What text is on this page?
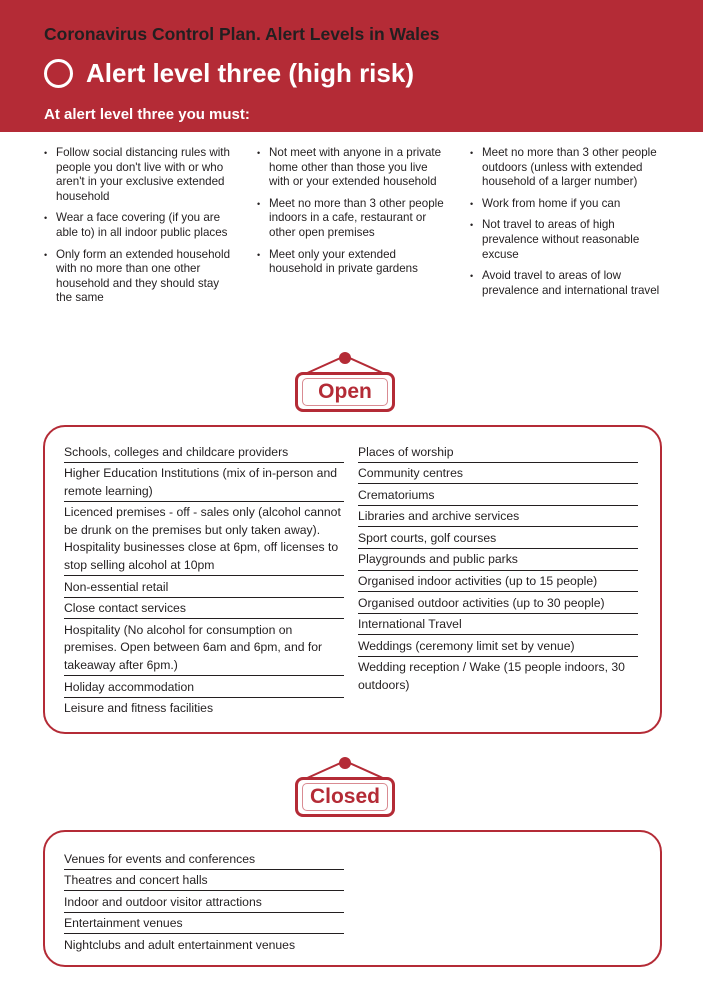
Coronavirus Control Plan. Alert Levels in Wales
Alert level three (high risk)
At alert level three you must:
• Follow social distancing rules with people you don't live with or who aren't in your exclusive extended household
• Wear a face covering (if you are able to) in all indoor public places
• Only form an extended household with no more than one other household and they should stay the same
• Not meet with anyone in a private home other than those you live with or your extended household
• Meet no more than 3 other people indoors in a cafe, restaurant or other open premises
• Meet only your extended household in private gardens
• Meet no more than 3 other people outdoors (unless with extended household of a larger number)
• Work from home if you can
• Not travel to areas of high prevalence without reasonable excuse
• Avoid travel to areas of low prevalence and international travel
Open
Schools, colleges and childcare providers
Higher Education Institutions (mix of in-person and remote learning)
Licenced premises - off - sales only (alcohol cannot be drunk on the premises but only taken away). Hospitality businesses close at 6pm, off licenses to stop selling alcohol at 10pm
Non-essential retail
Close contact services
Hospitality (No alcohol for consumption on premises. Open between 6am and 6pm, and for takeaway after 6pm.)
Holiday accommodation
Leisure and fitness facilities
Places of worship
Community centres
Crematoriums
Libraries and archive services
Sport courts, golf courses
Playgrounds and public parks
Organised indoor activities (up to 15 people)
Organised outdoor activities (up to 30 people)
International Travel
Weddings (ceremony limit set by venue)
Wedding reception / Wake (15 people indoors, 30 outdoors)
Closed
Venues for events and conferences
Theatres and concert halls
Indoor and outdoor visitor attractions
Entertainment venues
Nightclubs and adult entertainment venues
